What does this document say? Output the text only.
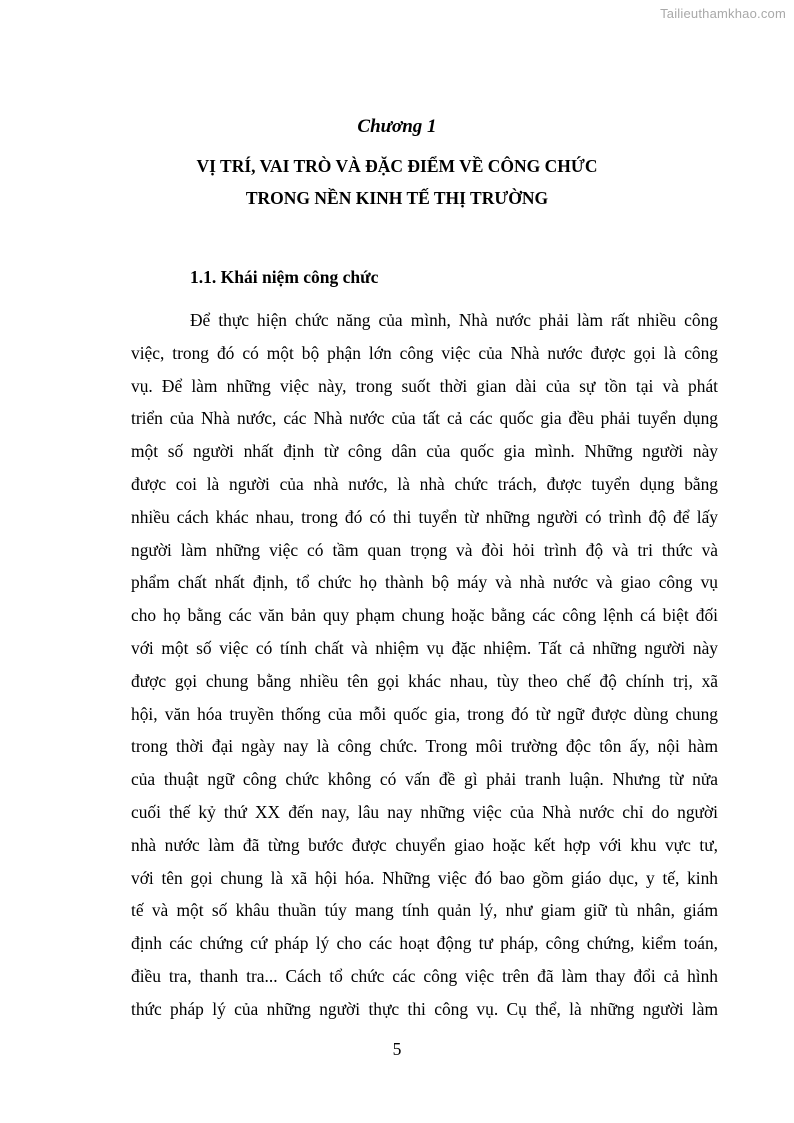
Tailieuthamkhao.com
Chương 1
VỊ TRÍ, VAI TRÒ VÀ ĐẶC ĐIỂM VỀ CÔNG CHỨC
TRONG NỀN KINH TẾ THỊ TRƯỜNG
1.1. Khái niệm công chức
Để thực hiện chức năng của mình, Nhà nước phải làm rất nhiều công
việc, trong đó có một bộ phận lớn công việc của Nhà nước được gọi là công
vụ. Để làm những việc này, trong suốt thời gian dài của sự tồn tại và phát
triển của Nhà nước, các Nhà nước của tất cả các quốc gia đều phải tuyển dụng
một số người nhất định từ công dân của quốc gia mình. Những người này
được coi là người của nhà nước, là nhà chức trách, được tuyển dụng bằng
nhiều cách khác nhau, trong đó có thi tuyển từ những người có trình độ để lấy
người làm những việc có tầm quan trọng và đòi hỏi trình độ và tri thức và
phẩm chất nhất định, tổ chức họ thành bộ máy và nhà nước và giao công vụ
cho họ bằng các văn bản quy phạm chung hoặc bằng các công lệnh cá biệt đối
với một số việc có tính chất và nhiệm vụ đặc nhiệm. Tất cả những người này
được gọi chung bằng nhiều tên gọi khác nhau, tùy theo chế độ chính trị, xã
hội, văn hóa truyền thống của mỗi quốc gia, trong đó từ ngữ được dùng chung
trong thời đại ngày nay là công chức. Trong môi trường độc tôn ấy, nội hàm
của thuật ngữ công chức không có vấn đề gì phải tranh luận. Nhưng từ nửa
cuối thế kỷ thứ XX đến nay, lâu nay những việc của Nhà nước chỉ do người
nhà nước làm đã từng bước được chuyển giao hoặc kết hợp với khu vực tư,
với tên gọi chung là xã hội hóa. Những việc đó bao gồm giáo dục, y tế, kinh
tế và một số khâu thuần túy mang tính quản lý, như giam giữ tù nhân, giám
định các chứng cứ pháp lý cho các hoạt động tư pháp, công chứng, kiểm toán,
điều tra, thanh tra... Cách tổ chức các công việc trên đã làm thay đổi cả hình
thức pháp lý của những người thực thi công vụ. Cụ thể, là những người làm
5
